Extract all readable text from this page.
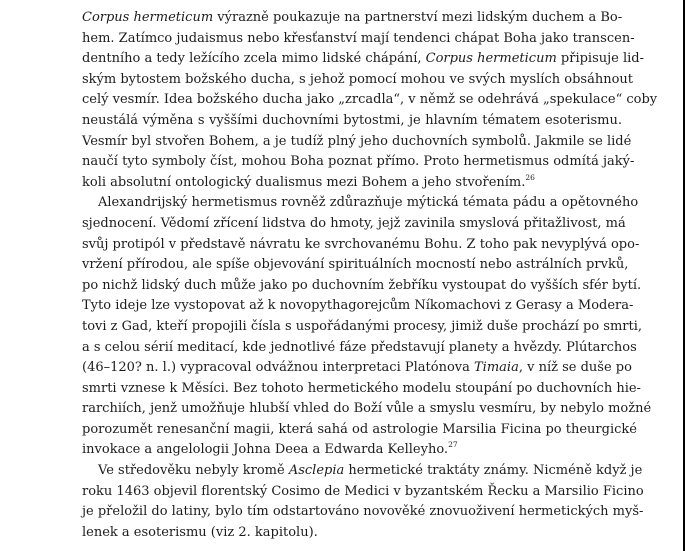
Corpus hermeticum výrazně poukazuje na partnerství mezi lidským duchem a Bo-
hem. Zatímco judaismus nebo křesťanství mají tendenci chápat Boha jako transcen-
dentního a tedy ležícího zcela mimo lidské chápání, Corpus hermeticum připisuje lid-
ským bytostem božského ducha, s jehož pomocí mohou ve svých myslích obsáhnout
celý vesmír. Idea božského ducha jako „zrcadla“, v němž se odehrává „spekulace“ coby
neustálá výměna s vyššími duchovními bytostmi, je hlavním tématem esoterismu.
Vesmír byl stvořen Bohem, a je tudíž plný jeho duchovních symbolů. Jakmile se lidé
naučí tyto symboly číst, mohou Boha poznat přímo. Proto hermetismus odmítá jaký-
koli absolutní ontologický dualismus mezi Bohem a jeho stvořením.$^{26}$
Alexandrijský hermetismus rovněž zdůrazňuje mýtická témata pádu a opětovného
sjednocení. Vědomí zřícení lidstva do hmoty, jejž zavinila smyslová přitažlivost, má
svůj protipól v představě návratu ke svrchovanému Bohu. Z toho pak nevyplývá opo-
vržení přírodou, ale spíše objevování spirituálních mocností nebo astrálních prvků,
po nichž lidský duch může jako po duchovním žebříku vystoupat do vyšších sfér bytí.
Tyto ideje lze vystopovat až k novopythagorejcům Níkomachovi z Gerasy a Modera-
tovi z Gad, kteří propojili čísla s uspořádanými procesy, jimiž duše prochází po smrti,
a s celou sérií meditací, kde jednotlivé fáze představují planety a hvězdy. Plútarchos
(46–120? n. l.) vypracoval odvážnou interpretaci Platónova Timaia, v níž se duše po
smrti vznese k Měsíci. Bez tohoto hermetického modelu stoupání po duchovních hie-
rarchiích, jenž umožňuje hlubší vhled do Boží vůle a smyslu vesmíru, by nebylo možné
porozumět renesanční magii, která sahá od astrologie Marsilia Ficina po theurgické
invokace a angelologii Johna Deea a Edwarda Kelleyho.$^{27}$
Ve středověku nebyly kromě Asclepia hermetické traktáty známy. Nicméně když je
roku 1463 objevil florentský Cosimo de Medici v byzantském Řecku a Marsilio Ficino
je přeložil do latiny, bylo tím odstartováno novověké znovuoživení hermetických myš-
lenek a esoterismu (viz 2. kapitolu).
